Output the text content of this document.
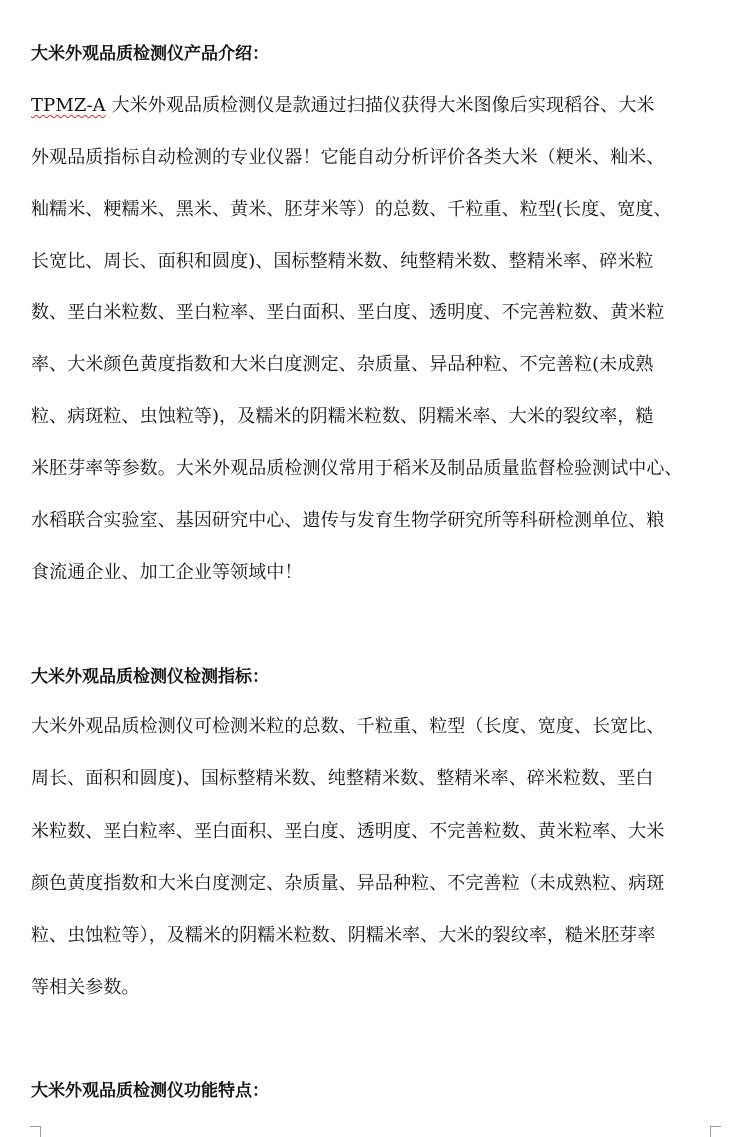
大米外观品质检测仪产品介绍：
TPMZ-A 大米外观品质检测仪是款通过扫描仪获得大米图像后实现稻谷、大米
外观品质指标自动检测的专业仪器！它能自动分析评价各类大米（粳米、籼米、
籼糯米、粳糯米、黑米、黄米、胚芽米等）的总数、千粒重、粒型(长度、宽度、
长宽比、周长、面积和圆度)、国标整精米数、纯整精米数、整精米率、碎米粒
数、垩白米粒数、垩白粒率、垩白面积、垩白度、透明度、不完善粒数、黄米粒
率、大米颜色黄度指数和大米白度测定、杂质量、异品种粒、不完善粒(未成熟
粒、病斑粒、虫蚀粒等)，及糯米的阴糯米粒数、阴糯米率、大米的裂纹率，糙
米胚芽率等参数。大米外观品质检测仪常用于稻米及制品质量监督检验测试中心、
水稻联合实验室、基因研究中心、遗传与发育生物学研究所等科研检测单位、粮
食流通企业、加工企业等领域中！
大米外观品质检测仪检测指标：
大米外观品质检测仪可检测米粒的总数、千粒重、粒型（长度、宽度、长宽比、
周长、面积和圆度)、国标整精米数、纯整精米数、整精米率、碎米粒数、垩白
米粒数、垩白粒率、垩白面积、垩白度、透明度、不完善粒数、黄米粒率、大米
颜色黄度指数和大米白度测定、杂质量、异品种粒、不完善粒（未成熟粒、病斑
粒、虫蚀粒等），及糯米的阴糯米粒数、阴糯米率、大米的裂纹率，糙米胚芽率
等相关参数。
大米外观品质检测仪功能特点：
